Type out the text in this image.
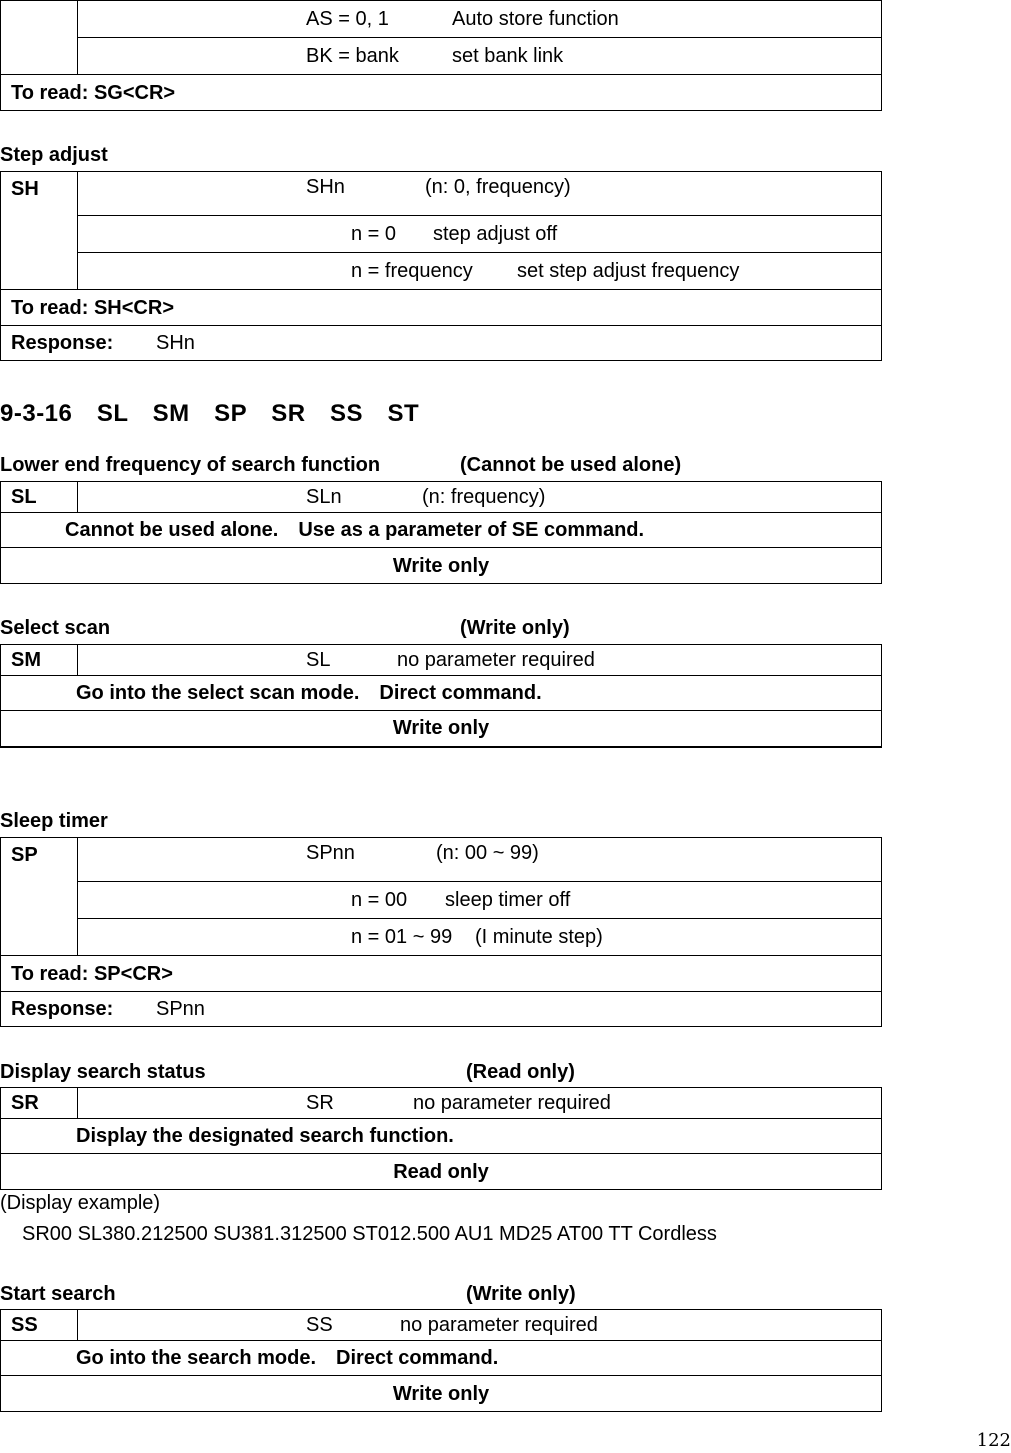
	AS = 0, 1	Auto store function
BK = bank	set bank link
To read: SG<CR>
Step adjust
SH	SHn	(n: 0, frequency)
n = 0 step adjust off
n = frequency set step adjust frequency
To read: SH<CR>
Response: SHn
9-3-16　SL　SM　SP　SR　SS　ST
Lower end frequency of search function	(Cannot be used alone)
SL	SLn	(n: frequency)
Cannot be used alone.　Use as a parameter of SE command.
Write only
Select scan	(Write only)
SM	SL	no parameter required
Go into the select scan mode.　Direct command.
Write only
Sleep timer
SP	SPnn	(n: 00 ~ 99)
n = 00 sleep timer off
n = 01 ~ 99 (I minute step)
To read: SP<CR>
Response: SPnn
Display search status	(Read only)
SR	SR	no parameter required
Display the designated search function.
Read only
(Display example)
SR00 SL380.212500 SU381.312500 ST012.500 AU1 MD25 AT00 TT Cordless
Start search	(Write only)
SS	SS	no parameter required
Go into the search mode.　Direct command.
Write only
122
